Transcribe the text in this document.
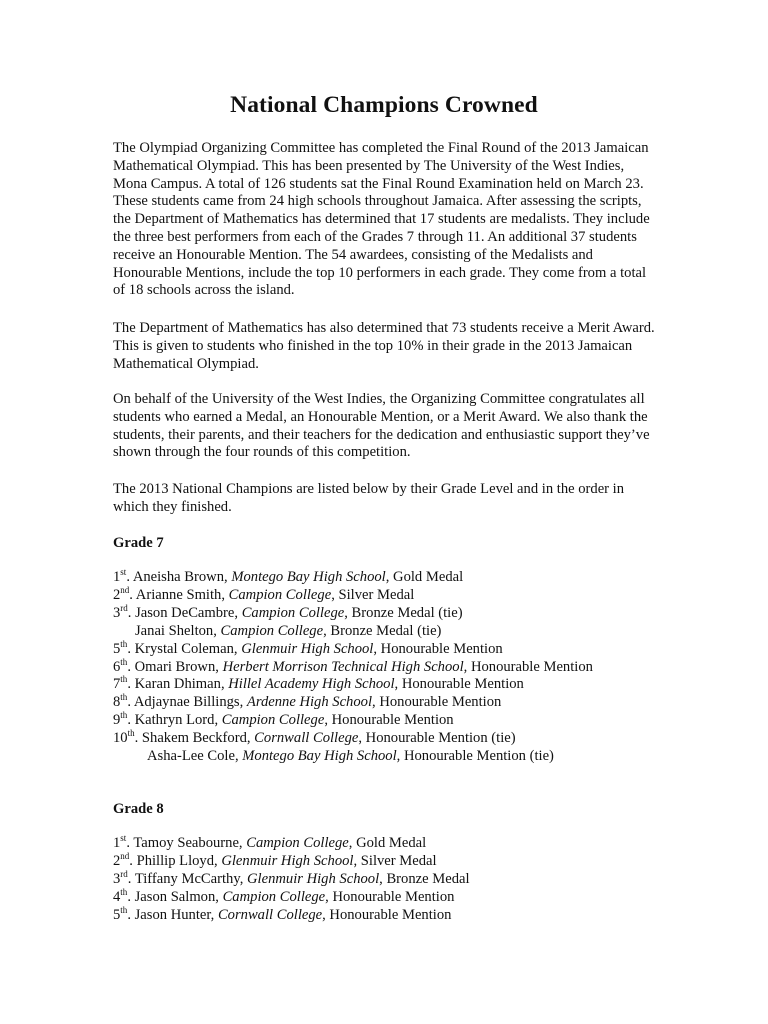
National Champions Crowned

The Olympiad Organizing Committee has completed the Final Round of the 2013 Jamaican Mathematical Olympiad. This has been presented by The University of the West Indies, Mona Campus. A total of 126 students sat the Final Round Examination held on March 23. These students came from 24 high schools throughout Jamaica. After assessing the scripts, the Department of Mathematics has determined that 17 students are medalists. They include the three best performers from each of the Grades 7 through 11. An additional 37 students receive an Honourable Mention. The 54 awardees, consisting of the Medalists and Honourable Mentions, include the top 10 performers in each grade. They come from a total of 18 schools across the island.

The Department of Mathematics has also determined that 73 students receive a Merit Award. This is given to students who finished in the top 10% in their grade in the 2013 Jamaican Mathematical Olympiad.

On behalf of the University of the West Indies, the Organizing Committee congratulates all students who earned a Medal, an Honourable Mention, or a Merit Award. We also thank the students, their parents, and their teachers for the dedication and enthusiastic support they’ve shown through the four rounds of this competition.

The 2013 National Champions are listed below by their Grade Level and in the order in which they finished.

Grade 7
1st. Aneisha Brown, Montego Bay High School, Gold Medal
2nd. Arianne Smith, Campion College, Silver Medal
3rd. Jason DeCambre, Campion College, Bronze Medal (tie)
Janai Shelton, Campion College, Bronze Medal (tie)
5th. Krystal Coleman, Glenmuir High School, Honourable Mention
6th. Omari Brown, Herbert Morrison Technical High School, Honourable Mention
7th. Karan Dhiman, Hillel Academy High School, Honourable Mention
8th. Adjaynae Billings, Ardenne High School, Honourable Mention
9th. Kathryn Lord, Campion College, Honourable Mention
10th. Shakem Beckford, Cornwall College, Honourable Mention (tie)
Asha-Lee Cole, Montego Bay High School, Honourable Mention (tie)
Grade 8
1st. Tamoy Seabourne, Campion College, Gold Medal
2nd. Phillip Lloyd, Glenmuir High School, Silver Medal
3rd. Tiffany McCarthy, Glenmuir High School, Bronze Medal
4th. Jason Salmon, Campion College, Honourable Mention
5th. Jason Hunter, Cornwall College, Honourable Mention
